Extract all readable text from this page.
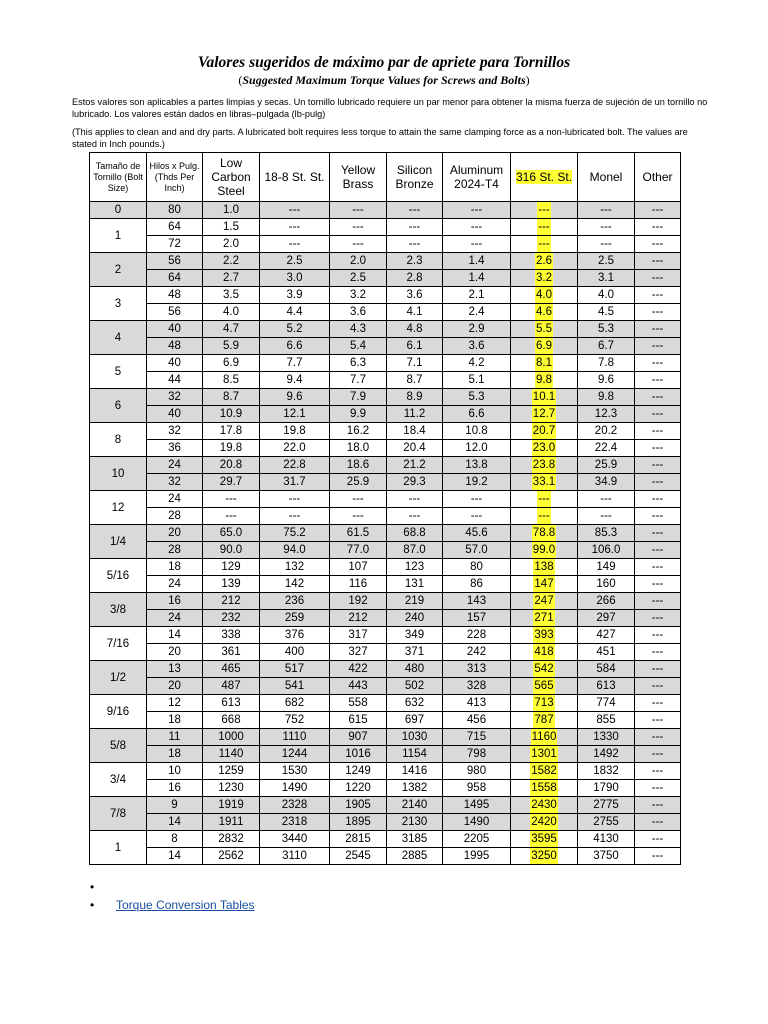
Valores sugeridos de máximo par de apriete para Tornillos
(Suggested Maximum Torque Values for Screws and Bolts)
Estos valores son aplicables a partes limpias y secas. Un tornillo lubricado requiere un par menor para obtener la misma fuerza de sujeción de un tornillo no lubricado. Los valores están dados en libras–pulgada (lb-pulg)
(This applies to clean and and dry parts. A lubricated bolt requires less torque to attain the same clamping force as a non-lubricated bolt. The values are stated in Inch pounds.)
Tamaño de Tornillo (Bolt Size)	Hilos x Pulg. (Thds Per Inch)	Low Carbon Steel	18-8 St. St.	Yellow Brass	Silicon Bronze	Aluminum 2024-T4	316 St. St.	Monel	Other
0	80	1.0	---	---	---	---	---	---	---
1	64	1.5	---	---	---	---	---	---	---
	72	2.0	---	---	---	---	---	---	---
2	56	2.2	2.5	2.0	2.3	1.4	2.6	2.5	---
	64	2.7	3.0	2.5	2.8	1.4	3.2	3.1	---
3	48	3.5	3.9	3.2	3.6	2.1	4.0	4.0	---
	56	4.0	4.4	3.6	4.1	2.4	4.6	4.5	---
4	40	4.7	5.2	4.3	4.8	2.9	5.5	5.3	---
	48	5.9	6.6	5.4	6.1	3.6	6.9	6.7	---
5	40	6.9	7.7	6.3	7.1	4.2	8.1	7.8	---
	44	8.5	9.4	7.7	8.7	5.1	9.8	9.6	---
6	32	8.7	9.6	7.9	8.9	5.3	10.1	9.8	---
	40	10.9	12.1	9.9	11.2	6.6	12.7	12.3	---
8	32	17.8	19.8	16.2	18.4	10.8	20.7	20.2	---
	36	19.8	22.0	18.0	20.4	12.0	23.0	22.4	---
10	24	20.8	22.8	18.6	21.2	13.8	23.8	25.9	---
	32	29.7	31.7	25.9	29.3	19.2	33.1	34.9	---
12	24	---	---	---	---	---	---	---	---
	28	---	---	---	---	---	---	---	---
1/4	20	65.0	75.2	61.5	68.8	45.6	78.8	85.3	---
	28	90.0	94.0	77.0	87.0	57.0	99.0	106.0	---
5/16	18	129	132	107	123	80	138	149	---
	24	139	142	116	131	86	147	160	---
3/8	16	212	236	192	219	143	247	266	---
	24	232	259	212	240	157	271	297	---
7/16	14	338	376	317	349	228	393	427	---
	20	361	400	327	371	242	418	451	---
1/2	13	465	517	422	480	313	542	584	---
	20	487	541	443	502	328	565	613	---
9/16	12	613	682	558	632	413	713	774	---
	18	668	752	615	697	456	787	855	---
5/8	11	1000	1110	907	1030	715	1160	1330	---
	18	1140	1244	1016	1154	798	1301	1492	---
3/4	10	1259	1530	1249	1416	980	1582	1832	---
	16	1230	1490	1220	1382	958	1558	1790	---
7/8	9	1919	2328	1905	2140	1495	2430	2775	---
	14	1911	2318	1895	2130	1490	2420	2755	---
1	8	2832	3440	2815	3185	2205	3595	4130	---
	14	2562	3110	2545	2885	1995	3250	3750	---
•
• Torque Conversion Tables
